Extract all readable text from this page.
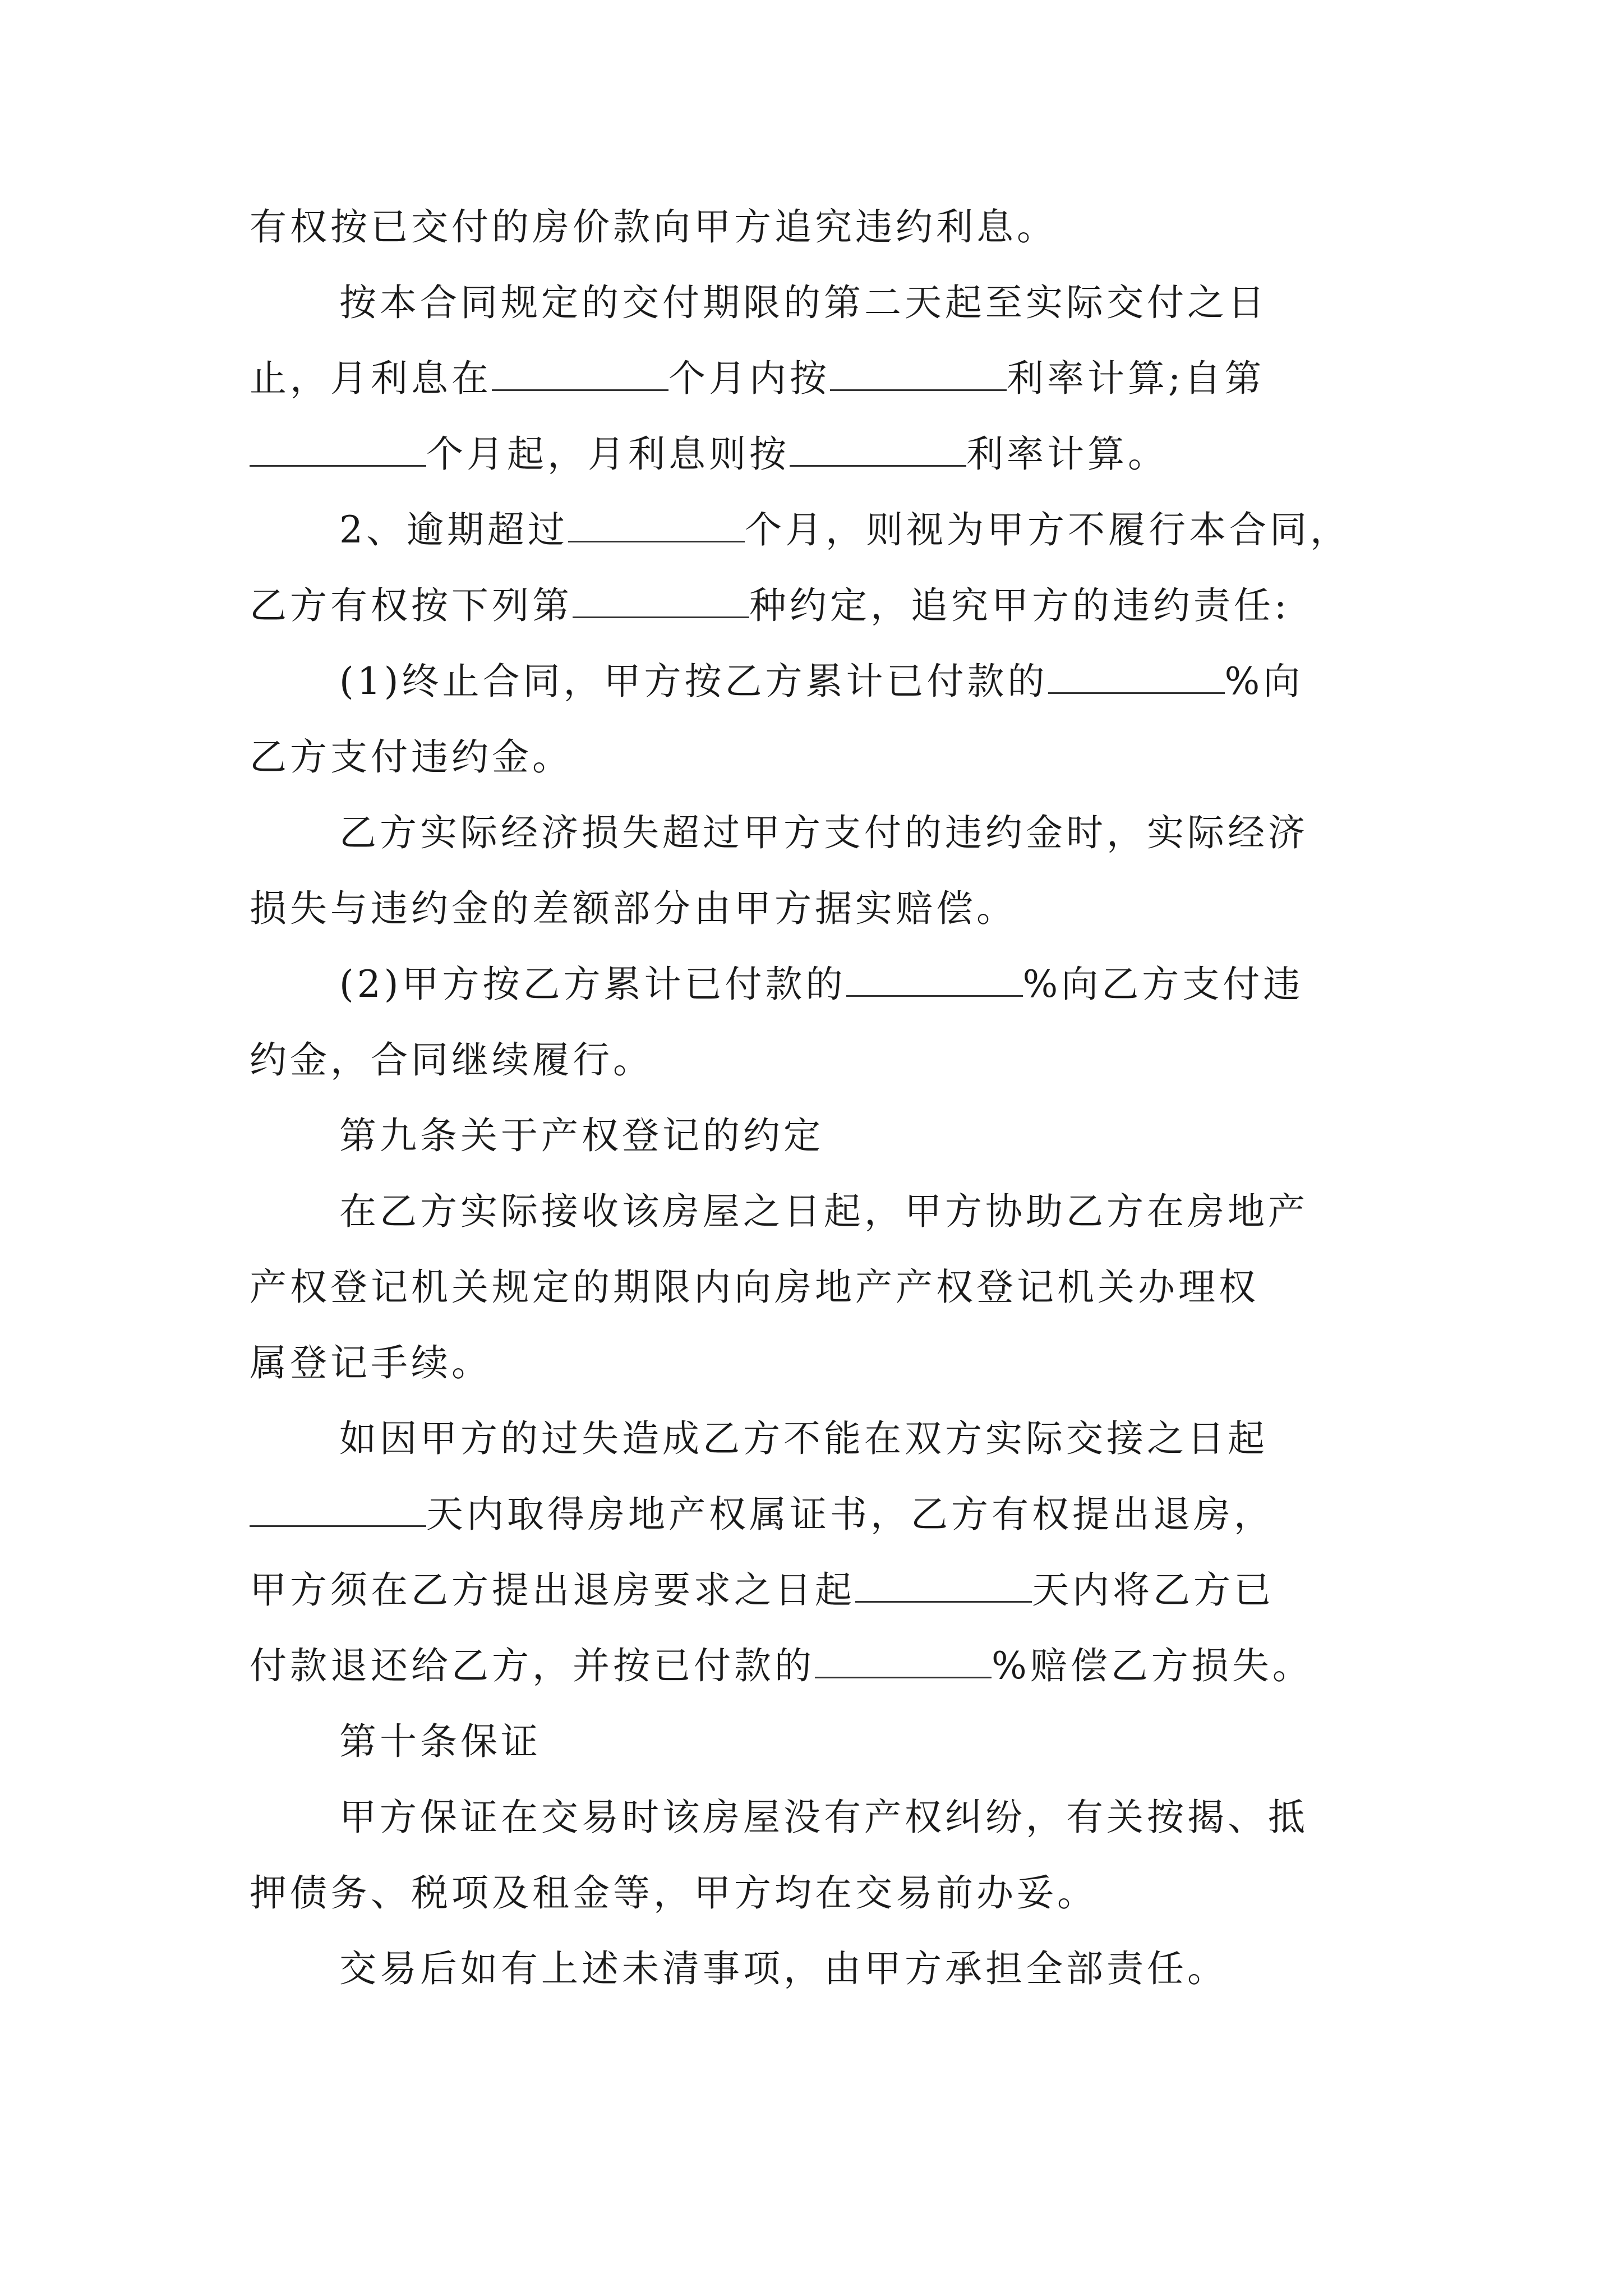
有权按已交付的房价款向甲方追究违约利息。
按本合同规定的交付期限的第二天起至实际交付之日
止，月利息在	个月内按	利率计算;自第
个月起，月利息则按	利率计算。
2、逾期超过	个月，则视为甲方不履行本合同，
乙方有权按下列第	种约定，追究甲方的违约责任:
(1)终止合同，甲方按乙方累计已付款的	%向
乙方支付违约金。
乙方实际经济损失超过甲方支付的违约金时，实际经济
损失与违约金的差额部分由甲方据实赔偿。
(2)甲方按乙方累计已付款的	%向乙方支付违
约金，合同继续履行。
第九条关于产权登记的约定
在乙方实际接收该房屋之日起，甲方协助乙方在房地产
产权登记机关规定的期限内向房地产产权登记机关办理权
属登记手续。
如因甲方的过失造成乙方不能在双方实际交接之日起
天内取得房地产权属证书，乙方有权提出退房，
甲方须在乙方提出退房要求之日起	天内将乙方已
付款退还给乙方，并按已付款的	%赔偿乙方损失。
第十条保证
甲方保证在交易时该房屋没有产权纠纷，有关按揭、抵
押债务、税项及租金等，甲方均在交易前办妥。
交易后如有上述未清事项，由甲方承担全部责任。
